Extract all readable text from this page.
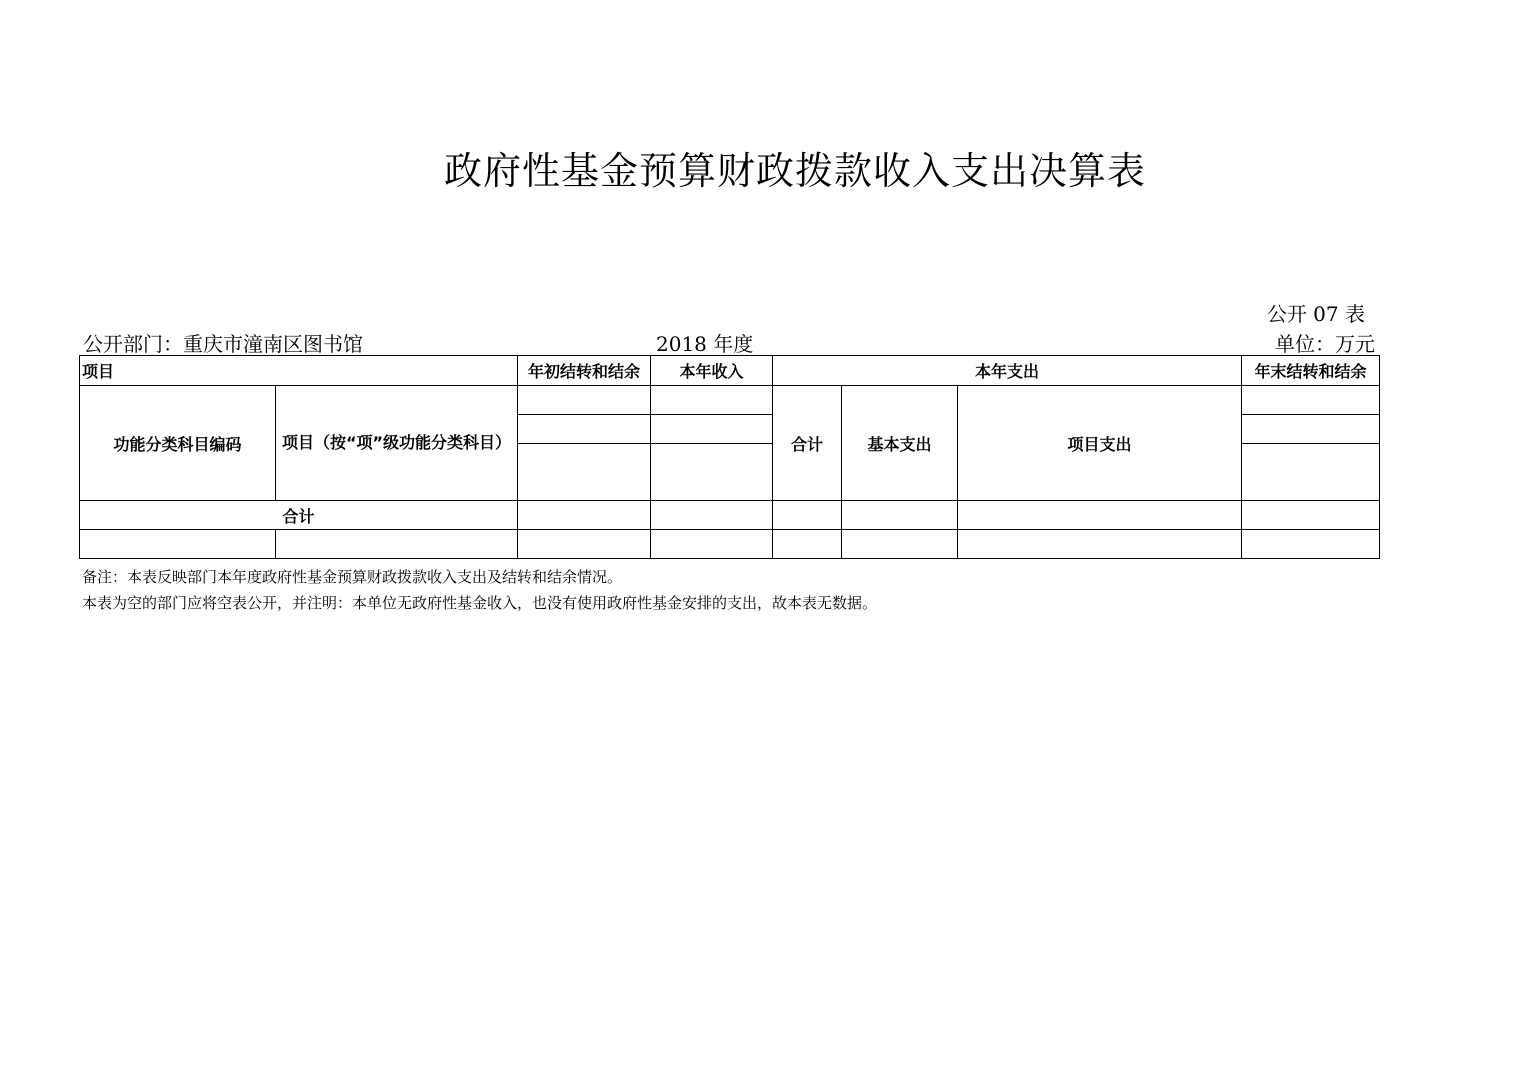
政府性基金预算财政拨款收入支出决算表
公开 07 表
公开部门：重庆市潼南区图书馆	2018 年度	单位：万元
项目		年初结转和结余	本年收入	本年支出			年末结转和结余
功能分类科目编码	项目（按“项”级功能分类科目）			合计	基本支出	项目支出	

合计							

备注：本表反映部门本年度政府性基金预算财政拨款收入支出及结转和结余情况。
本表为空的部门应将空表公开，并注明：本单位无政府性基金收入，也没有使用政府性基金安排的支出，故本表无数据。
